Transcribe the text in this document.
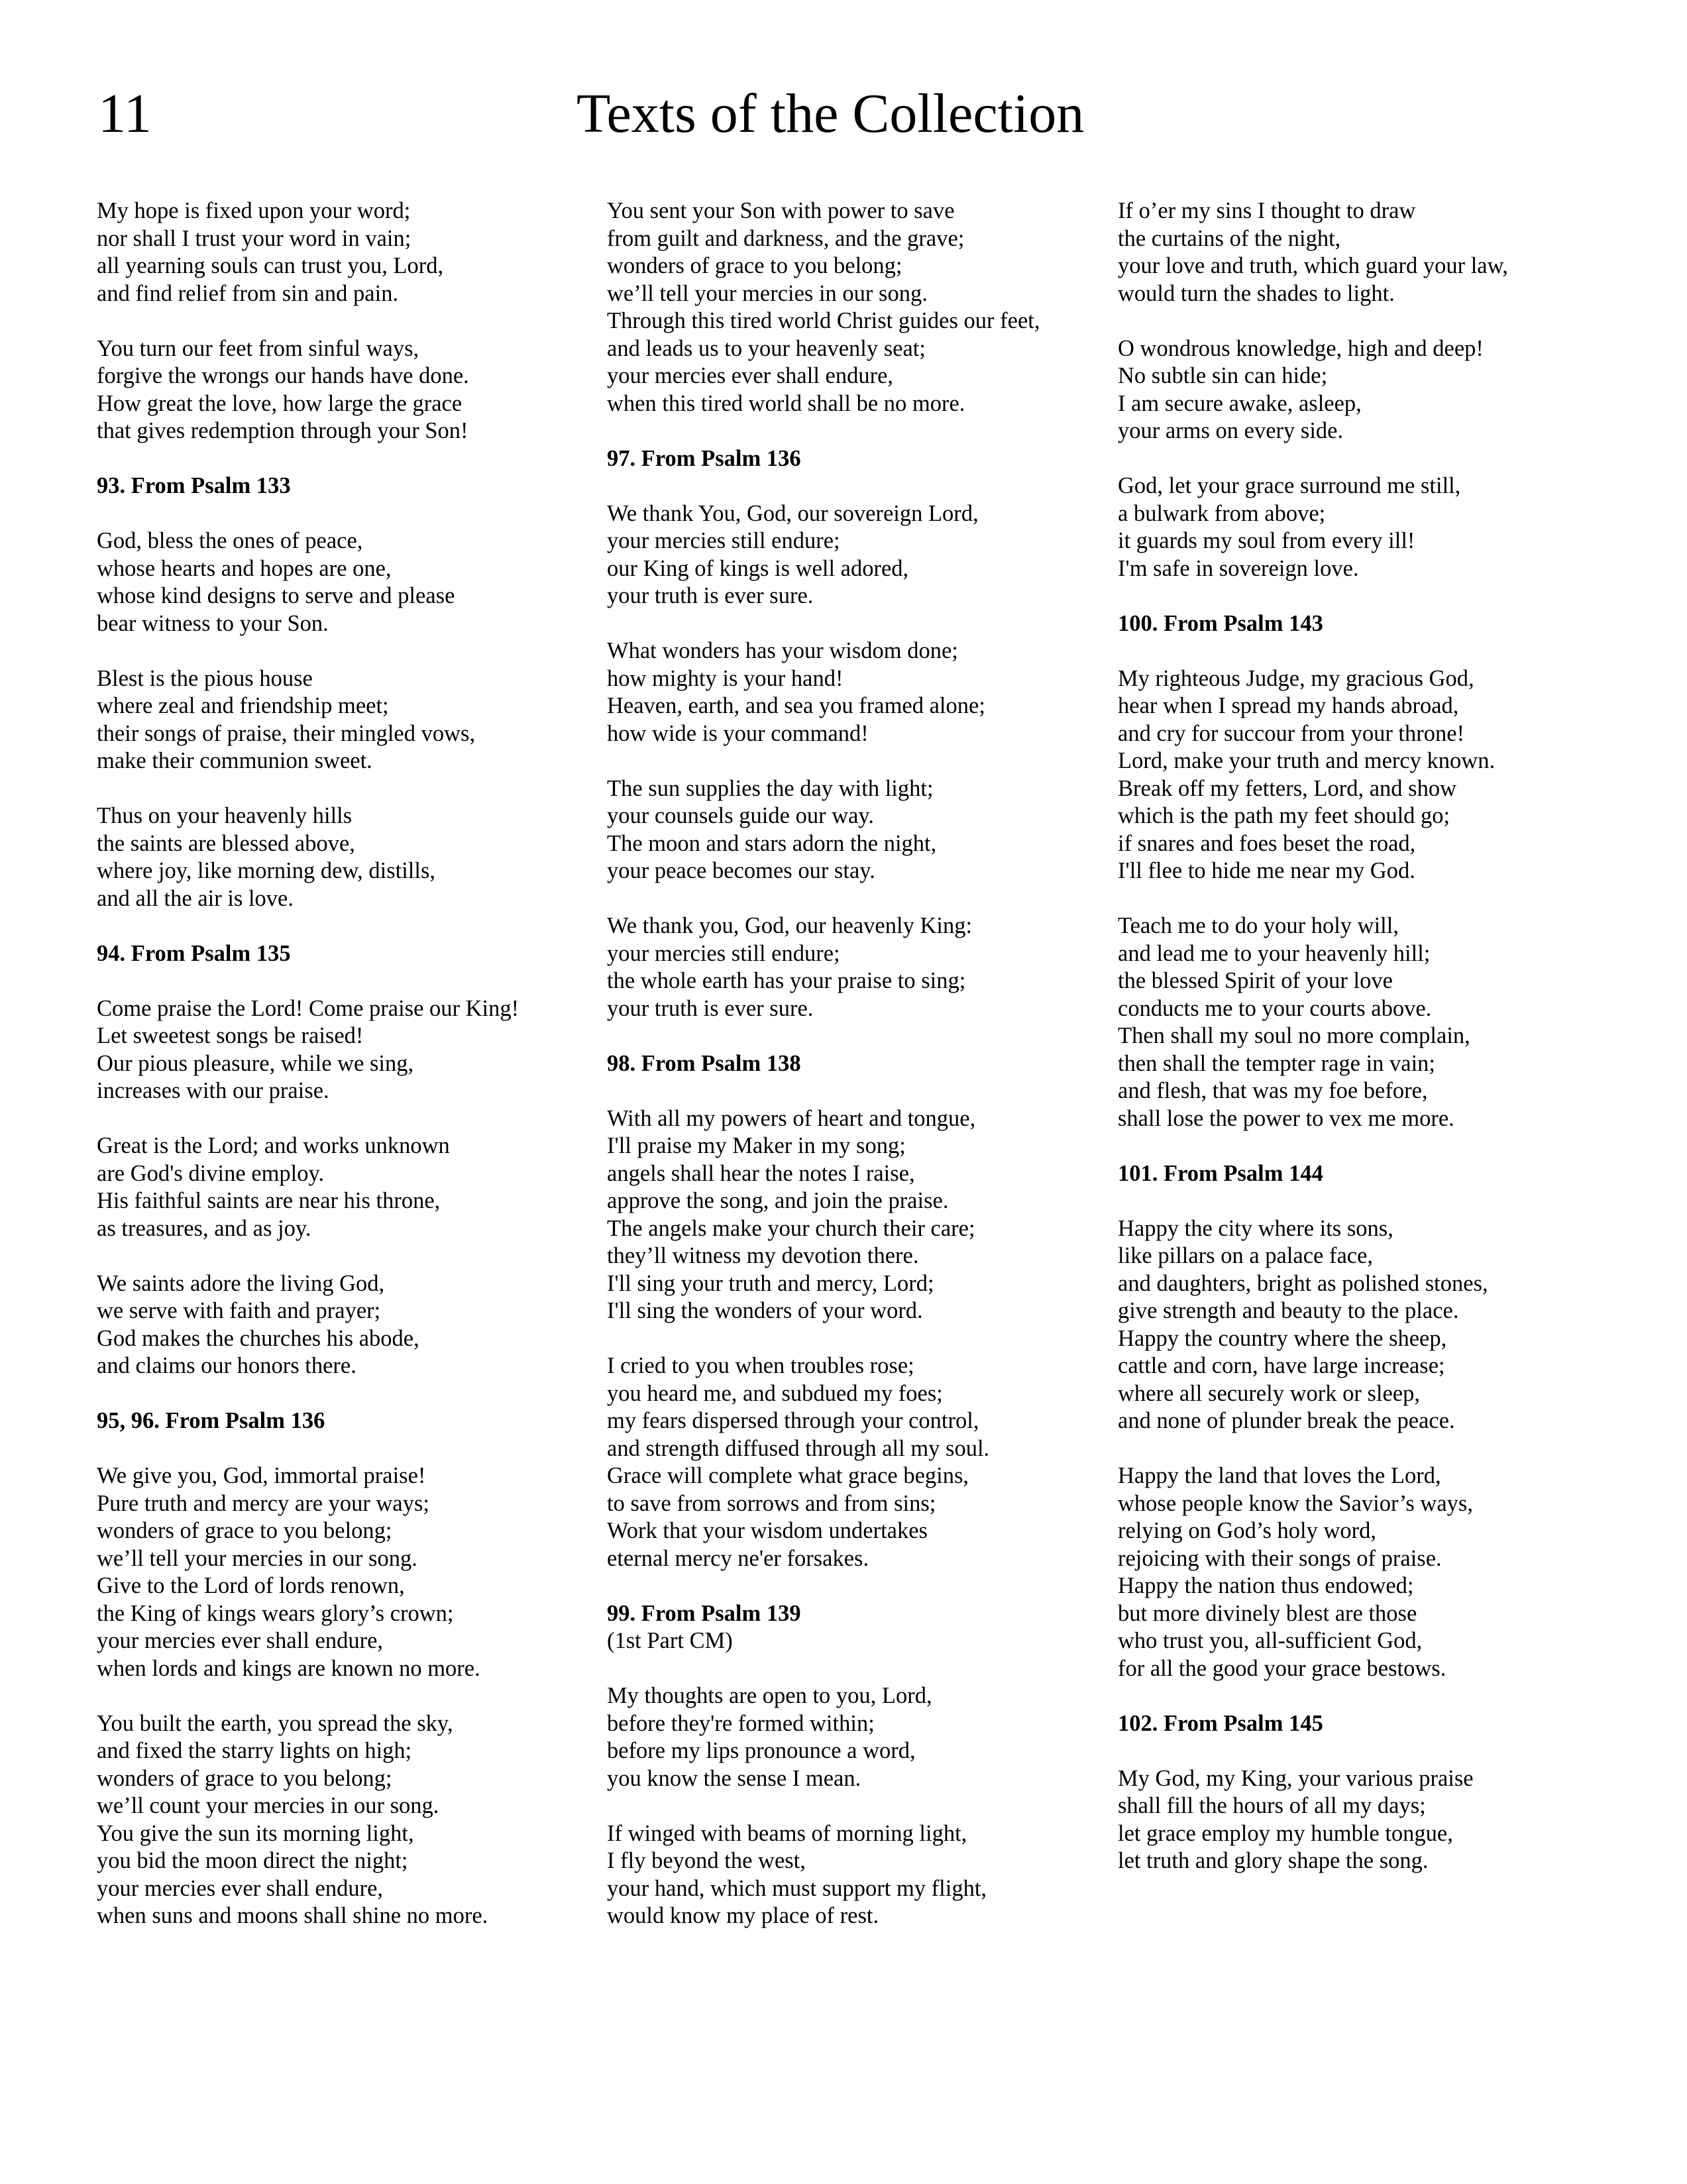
11	Texts of the Collection
My hope is fixed upon your word;
nor shall I trust your word in vain;
all yearning souls can trust you, Lord,
and find relief from sin and pain.
You turn our feet from sinful ways,
forgive the wrongs our hands have done.
How great the love, how large the grace
that gives redemption through your Son!
93. From Psalm 133
God, bless the ones of peace,
whose hearts and hopes are one,
whose kind designs to serve and please
bear witness to your Son.
Blest is the pious house
where zeal and friendship meet;
their songs of praise, their mingled vows,
make their communion sweet.
Thus on your heavenly hills
the saints are blessed above,
where joy, like morning dew, distills,
and all the air is love.
94. From Psalm 135
Come praise the Lord! Come praise our King!
Let sweetest songs be raised!
Our pious pleasure, while we sing,
increases with our praise.
Great is the Lord; and works unknown
are God's divine employ.
His faithful saints are near his throne,
as treasures, and as joy.
We saints adore the living God,
we serve with faith and prayer;
God makes the churches his abode,
and claims our honors there.
95, 96. From Psalm 136
We give you, God, immortal praise!
Pure truth and mercy are your ways;
wonders of grace to you belong;
we’ll tell your mercies in our song.
Give to the Lord of lords renown,
the King of kings wears glory’s crown;
your mercies ever shall endure,
when lords and kings are known no more.
You built the earth, you spread the sky,
and fixed the starry lights on high;
wonders of grace to you belong;
we’ll count your mercies in our song.
You give the sun its morning light,
you bid the moon direct the night;
your mercies ever shall endure,
when suns and moons shall shine no more.
You sent your Son with power to save
from guilt and darkness, and the grave;
wonders of grace to you belong;
we’ll tell your mercies in our song.
Through this tired world Christ guides our feet,
and leads us to your heavenly seat;
your mercies ever shall endure,
when this tired world shall be no more.
97. From Psalm 136
We thank You, God, our sovereign Lord,
your mercies still endure;
our King of kings is well adored,
your truth is ever sure.
What wonders has your wisdom done;
how mighty is your hand!
Heaven, earth, and sea you framed alone;
how wide is your command!
The sun supplies the day with light;
your counsels guide our way.
The moon and stars adorn the night,
your peace becomes our stay.
We thank you, God, our heavenly King:
your mercies still endure;
the whole earth has your praise to sing;
your truth is ever sure.
98. From Psalm 138
With all my powers of heart and tongue,
I'll praise my Maker in my song;
angels shall hear the notes I raise,
approve the song, and join the praise.
The angels make your church their care;
they’ll witness my devotion there.
I'll sing your truth and mercy, Lord;
I'll sing the wonders of your word.
I cried to you when troubles rose;
you heard me, and subdued my foes;
my fears dispersed through your control,
and strength diffused through all my soul.
Grace will complete what grace begins,
to save from sorrows and from sins;
Work that your wisdom undertakes
eternal mercy ne'er forsakes.
99. From Psalm 139
(1st Part CM)
My thoughts are open to you, Lord,
before they're formed within;
before my lips pronounce a word,
you know the sense I mean.
If winged with beams of morning light,
I fly beyond the west,
your hand, which must support my flight,
would know my place of rest.
If o’er my sins I thought to draw
the curtains of the night,
your love and truth, which guard your law,
would turn the shades to light.
O wondrous knowledge, high and deep!
No subtle sin can hide;
I am secure awake, asleep,
your arms on every side.
God, let your grace surround me still,
a bulwark from above;
it guards my soul from every ill!
I'm safe in sovereign love.
100. From Psalm 143
My righteous Judge, my gracious God,
hear when I spread my hands abroad,
and cry for succour from your throne!
Lord, make your truth and mercy known.
Break off my fetters, Lord, and show
which is the path my feet should go;
if snares and foes beset the road,
I'll flee to hide me near my God.
Teach me to do your holy will,
and lead me to your heavenly hill;
the blessed Spirit of your love
conducts me to your courts above.
Then shall my soul no more complain,
then shall the tempter rage in vain;
and flesh, that was my foe before,
shall lose the power to vex me more.
101. From Psalm 144
Happy the city where its sons,
like pillars on a palace face,
and daughters, bright as polished stones,
give strength and beauty to the place.
Happy the country where the sheep,
cattle and corn, have large increase;
where all securely work or sleep,
and none of plunder break the peace.
Happy the land that loves the Lord,
whose people know the Savior’s ways,
relying on God’s holy word,
rejoicing with their songs of praise.
Happy the nation thus endowed;
but more divinely blest are those
who trust you, all-sufficient God,
for all the good your grace bestows.
102. From Psalm 145
My God, my King, your various praise
shall fill the hours of all my days;
let grace employ my humble tongue,
let truth and glory shape the song.
